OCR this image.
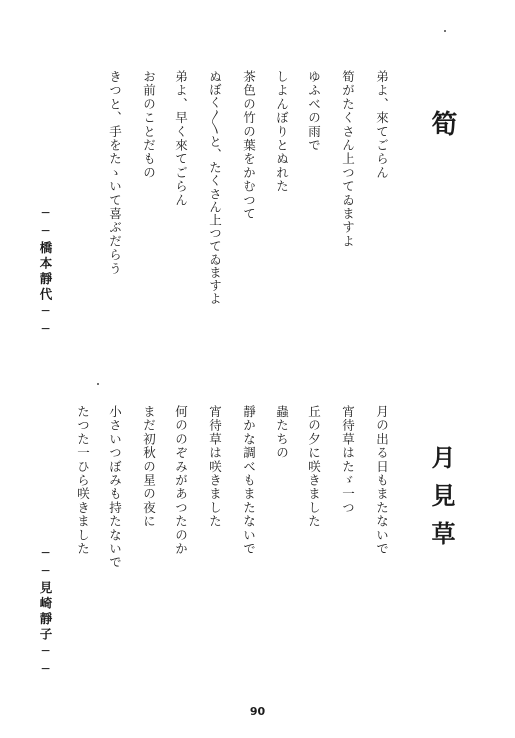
筍
弟よ、來てごらん
筍がたくさん上つてゐますよ
ゆふべの雨で
しよんぼりとぬれた
茶色の竹の葉をかむつて
ぬぼく〳〵と、たくさん上つてゐますよ
弟よ、早く來てごらん
お前のことだもの
きつと、手をたゝいて喜ぶだらう
──橋本靜代──
月見草
月の出る日もまたないで
宵待草はたゞ一つ
丘の夕に咲きました
蟲たちの
靜かな調べもまたないで
宵待草は咲きました
何ののぞみがあつたのか
まだ初秋の星の夜に
小さいつぼみも持たないで
たつた一ひら咲きました
──見崎靜子──
90
